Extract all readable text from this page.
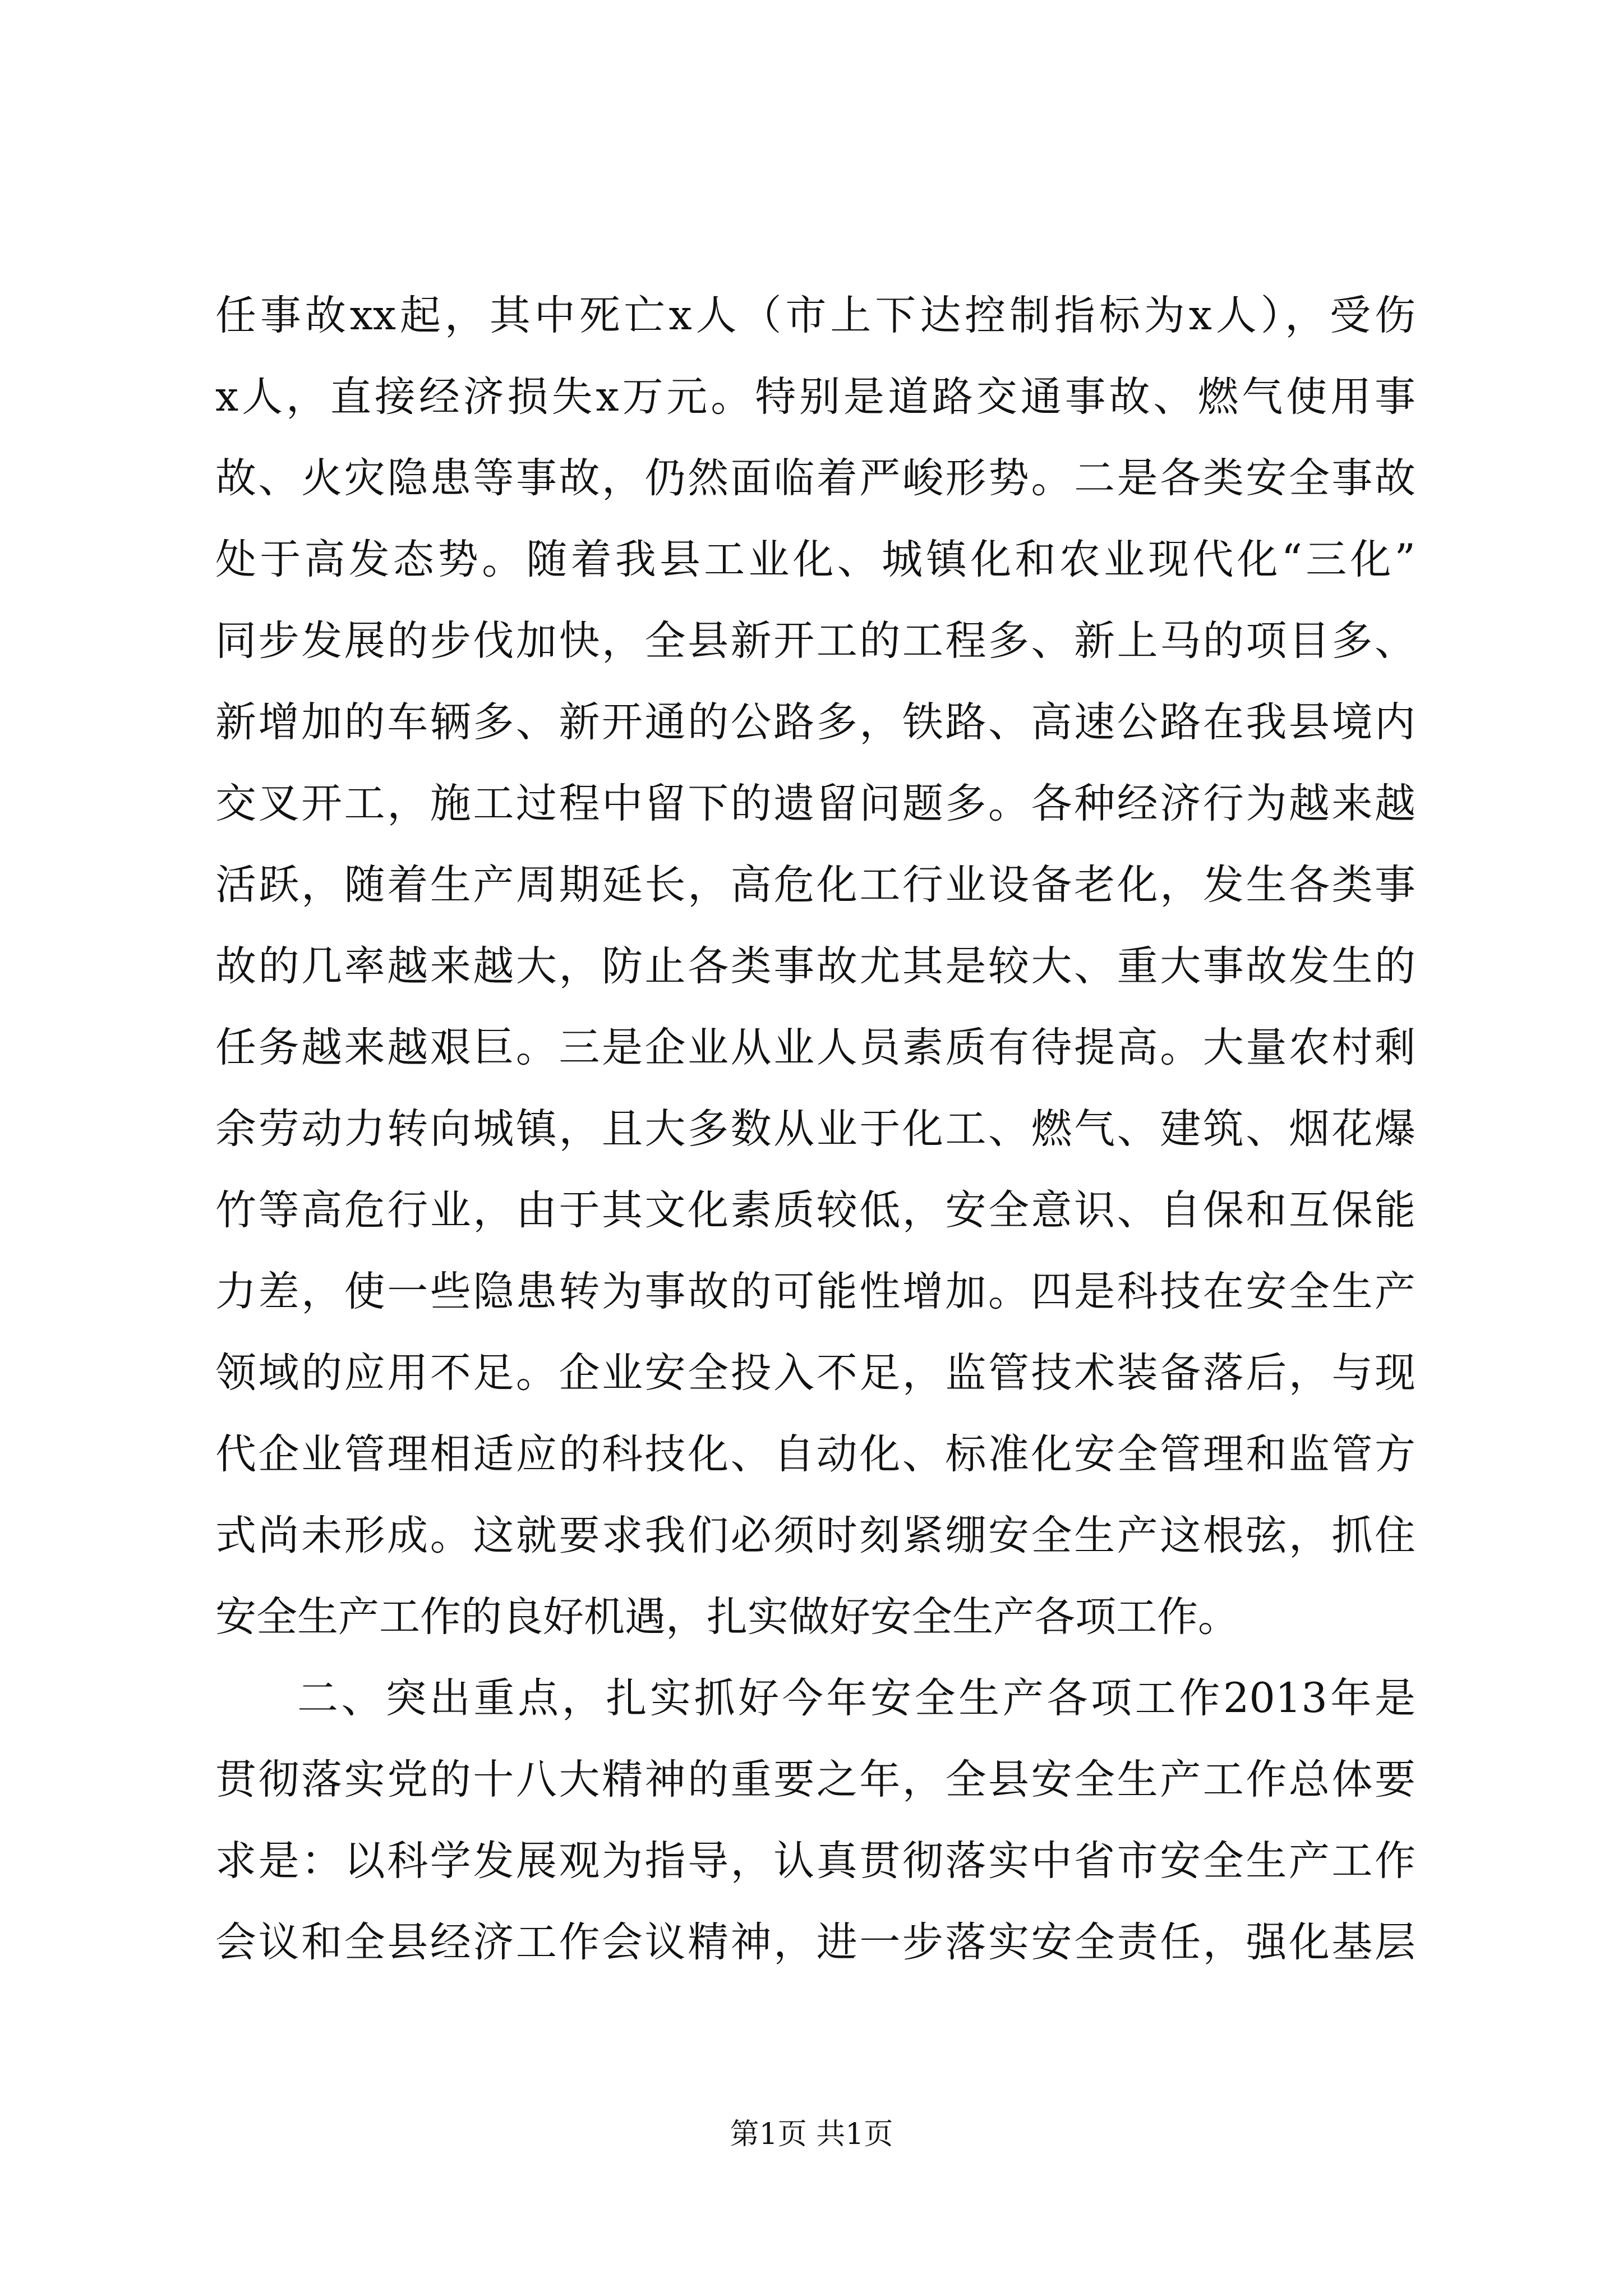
任事故xx起，其中死亡x人（市上下达控制指标为x人），受伤
x人，直接经济损失x万元。特别是道路交通事故、燃气使用事
故、火灾隐患等事故，仍然面临着严峻形势。二是各类安全事故
处于高发态势。随着我县工业化、城镇化和农业现代化“三化”
同步发展的步伐加快，全县新开工的工程多、新上马的项目多、
新增加的车辆多、新开通的公路多，铁路、高速公路在我县境内
交叉开工，施工过程中留下的遗留问题多。各种经济行为越来越
活跃，随着生产周期延长，高危化工行业设备老化，发生各类事
故的几率越来越大，防止各类事故尤其是较大、重大事故发生的
任务越来越艰巨。三是企业从业人员素质有待提高。大量农村剩
余劳动力转向城镇，且大多数从业于化工、燃气、建筑、烟花爆
竹等高危行业，由于其文化素质较低，安全意识、自保和互保能
力差，使一些隐患转为事故的可能性增加。四是科技在安全生产
领域的应用不足。企业安全投入不足，监管技术装备落后，与现
代企业管理相适应的科技化、自动化、标准化安全管理和监管方
式尚未形成。这就要求我们必须时刻紧绷安全生产这根弦，抓住
安全生产工作的良好机遇，扎实做好安全生产各项工作。
二、突出重点，扎实抓好今年安全生产各项工作2013年是
贯彻落实党的十八大精神的重要之年，全县安全生产工作总体要
求是：以科学发展观为指导，认真贯彻落实中省市安全生产工作
会议和全县经济工作会议精神，进一步落实安全责任，强化基层
第1页 共1页
